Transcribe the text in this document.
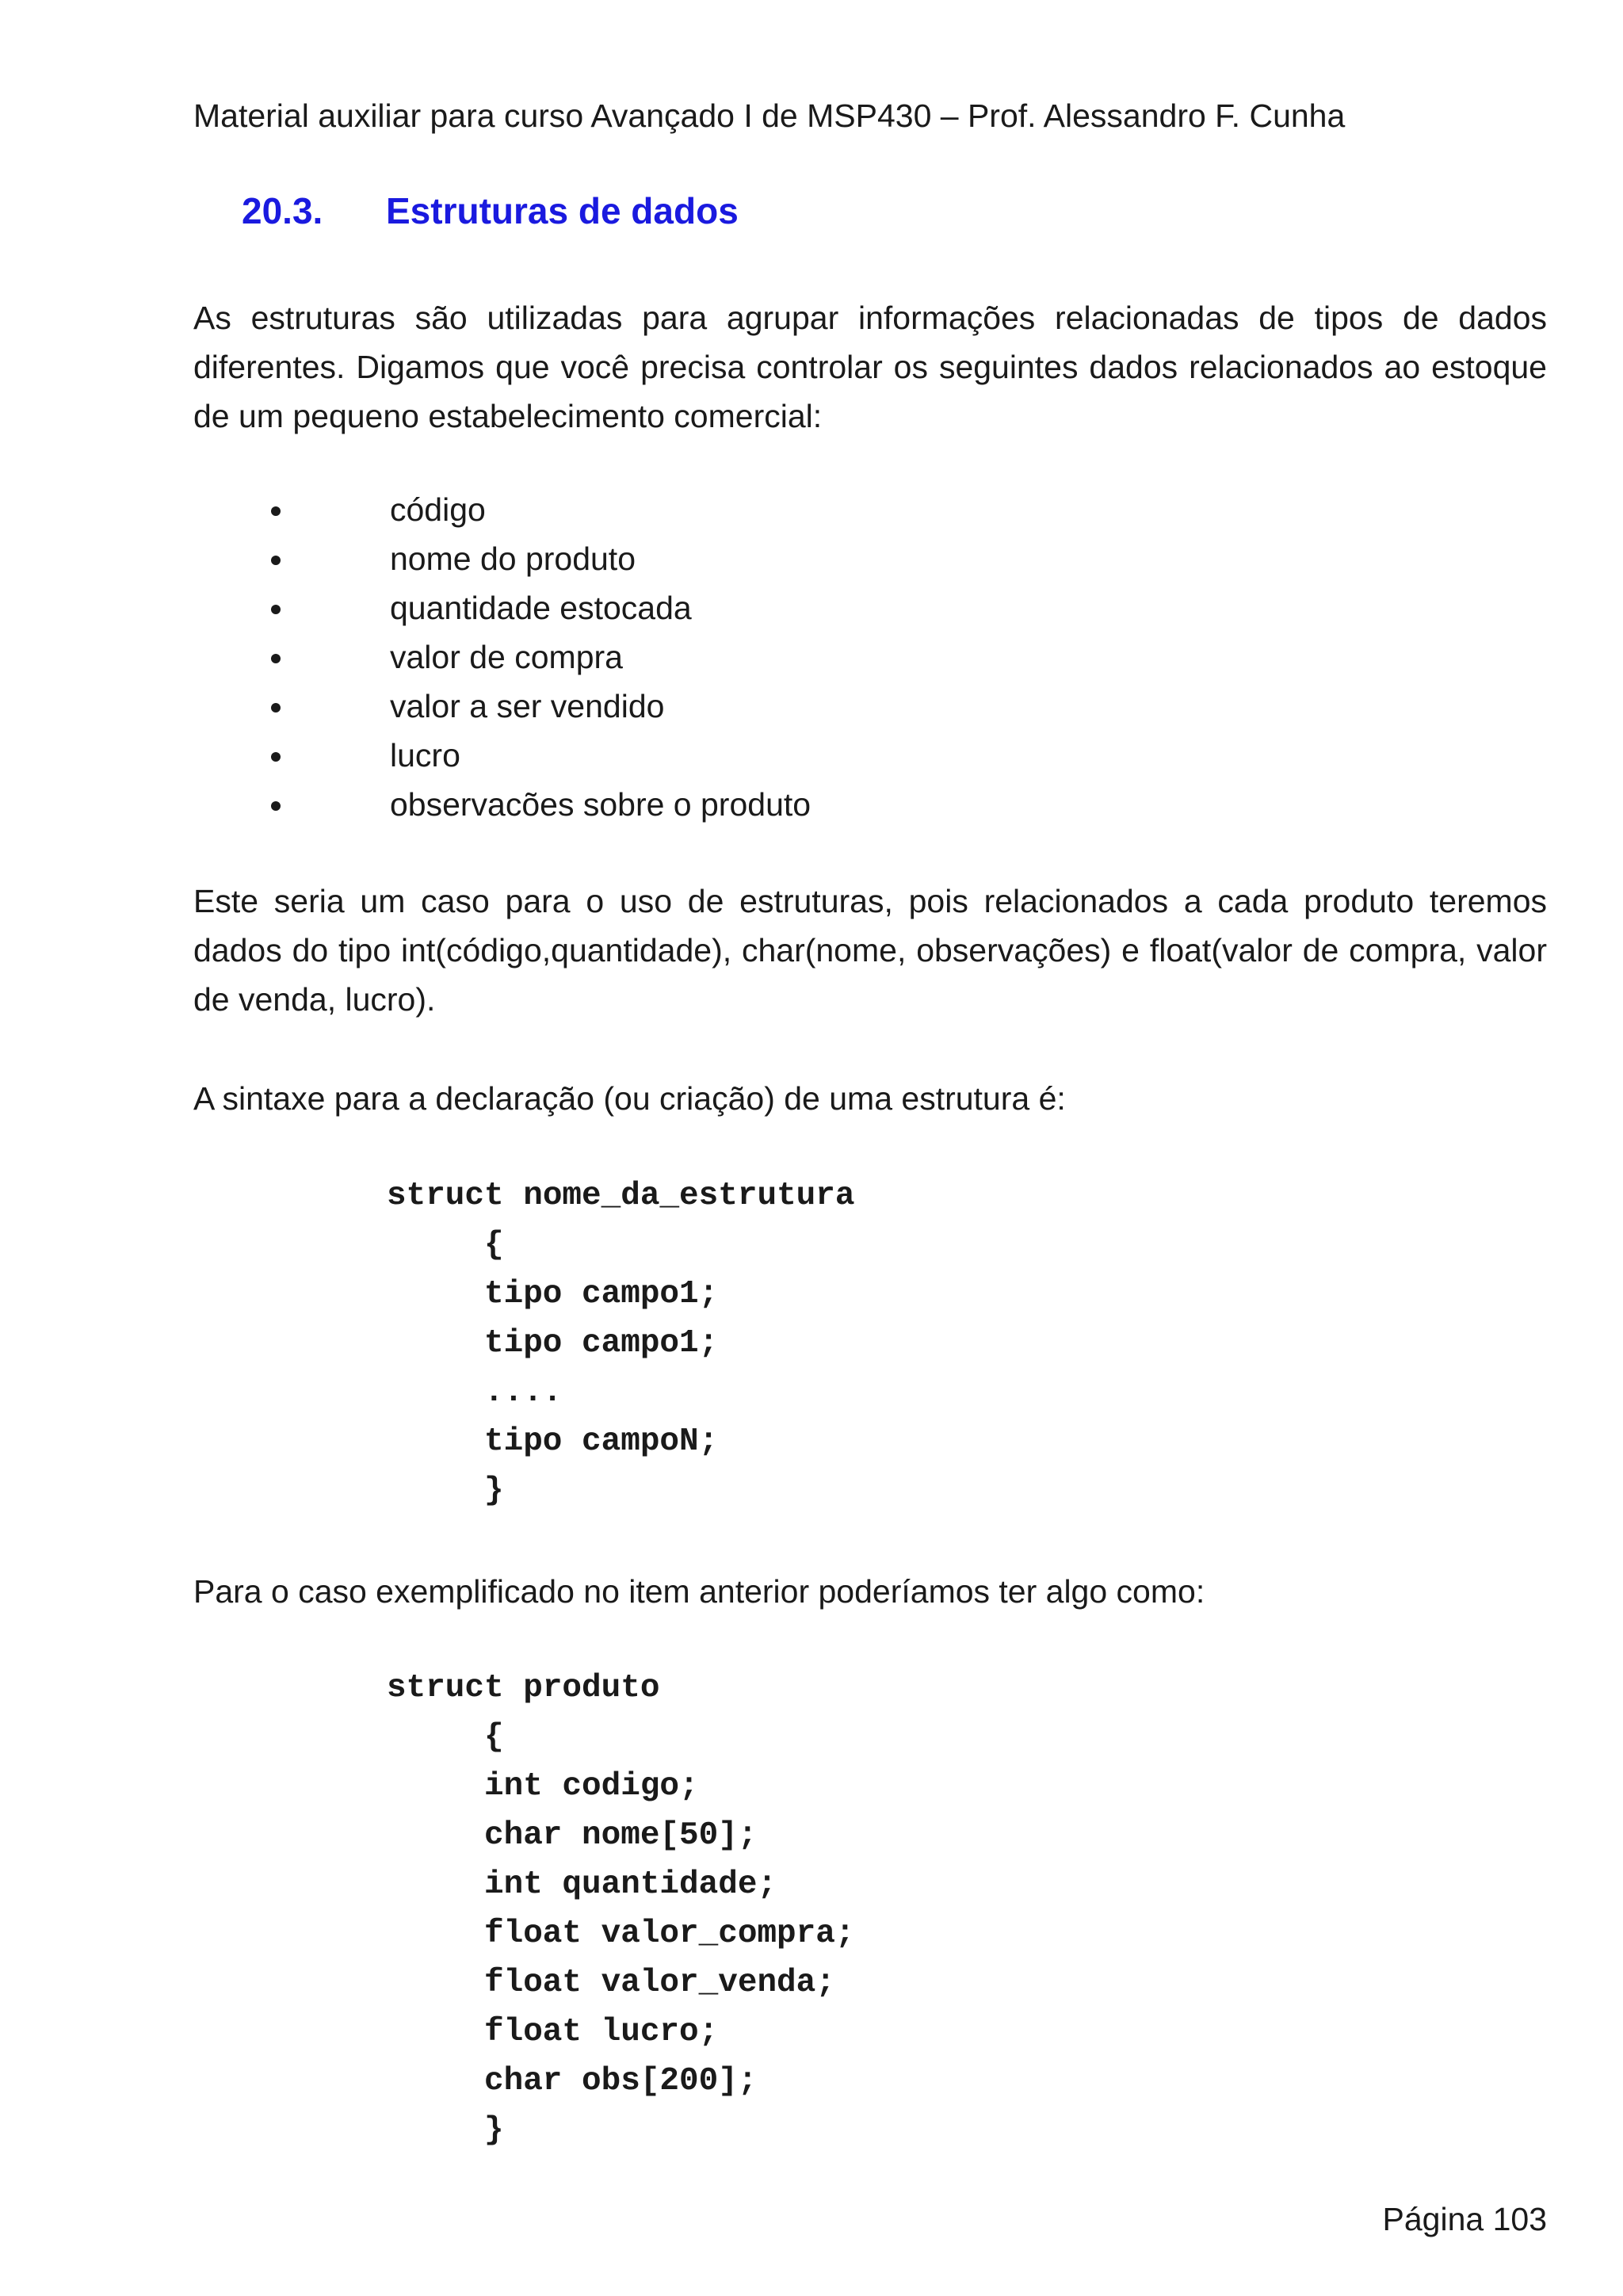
Material auxiliar para curso Avançado I de MSP430 – Prof. Alessandro F. Cunha
20.3. Estruturas de dados

As estruturas são utilizadas para agrupar informações relacionadas de tipos de dados diferentes. Digamos que você precisa controlar os seguintes dados relacionados ao estoque de um pequeno estabelecimento comercial:

código
nome do produto
quantidade estocada
valor de compra
valor a ser vendido
lucro
observacões sobre o produto

Este seria um caso para o uso de estruturas, pois relacionados a cada produto teremos dados do tipo int(código,quantidade), char(nome, observações) e float(valor de compra, valor de venda, lucro).

A sintaxe para a declaração (ou criação) de uma estrutura é:

struct nome_da_estrutura
{
tipo campo1;
tipo campo1;
....
tipo campoN;
}

Para o caso exemplificado no item anterior poderíamos ter algo como:

struct produto
{
int codigo;
char nome[50];
int quantidade;
float valor_compra;
float valor_venda;
float lucro;
char obs[200];
}
Página 103
